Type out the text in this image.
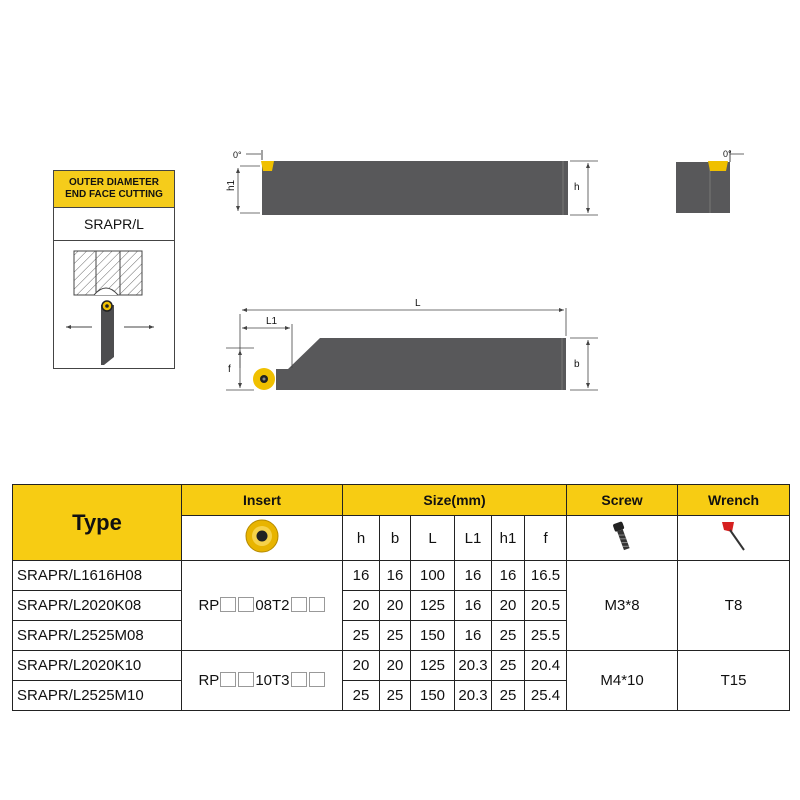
OUTER DIAMETER
END FACE CUTTING
SRAPR/L
0°
h1	h
0°
L
L1
f	b
Type	Insert	Size(mm)						Screw	Wrench
	h	b	L	L1	h1	f		
SRAPR/L1616H08	RP 08T2	16	16	100	16	16	16.5	M3*8	T8
SRAPR/L2020K08		20	20	125	16	20	20.5		
SRAPR/L2525M08		25	25	150	16	25	25.5		
SRAPR/L2020K10	RP 10T3	20	20	125	20.3	25	20.4	M4*10	T15
SRAPR/L2525M10		25	25	150	20.3	25	25.4		
